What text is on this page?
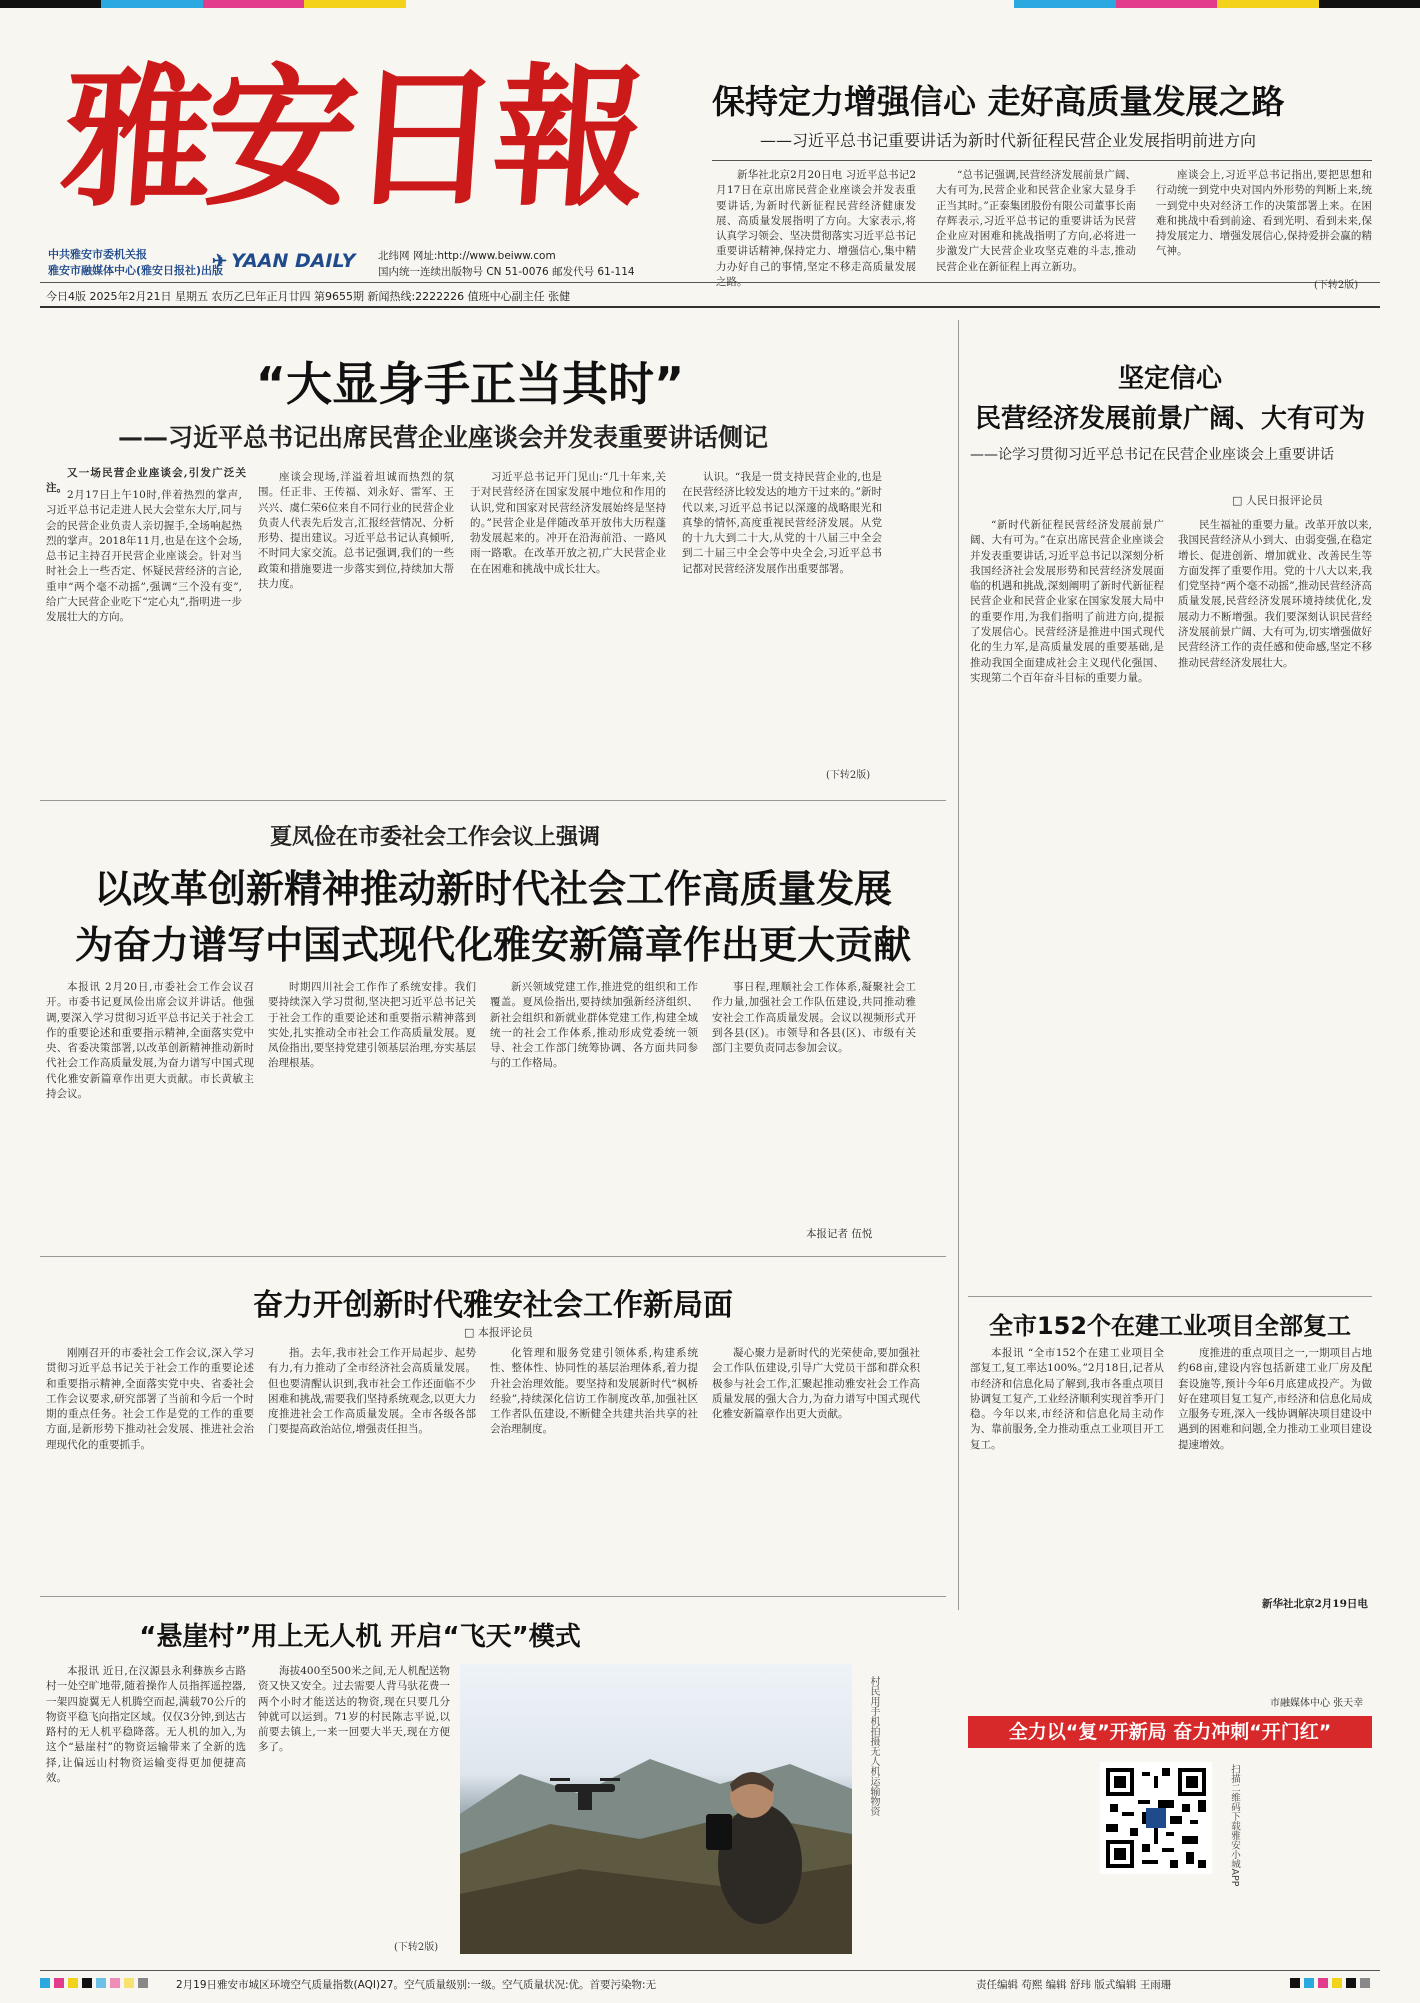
雅安日報
中共雅安市委机关报
雅安市融媒体中心(雅安日报社)出版
✈ YAAN DAILY 北纬网 网址:http://www.beiww.com
国内统一连续出版物号 CN 51-0076 邮发代号 61-114
今日4版 2025年2月21日 星期五 农历乙巳年正月廿四 第9655期 新闻热线:2222226 值班中心副主任 张健
保持定力增强信心 走好高质量发展之路
——习近平总书记重要讲话为新时代新征程民营企业发展指明前进方向

新华社北京2月20日电 习近平总书记2月17日在京出席民营企业座谈会并发表重要讲话,为新时代新征程民营经济健康发展、高质量发展指明了方向。大家表示,将认真学习领会、坚决贯彻落实习近平总书记重要讲话精神,保持定力、增强信心,集中精力办好自己的事情,坚定不移走高质量发展之路。

“总书记强调,民营经济发展前景广阔、大有可为,民营企业和民营企业家大显身手正当其时。”正泰集团股份有限公司董事长南存辉表示,习近平总书记的重要讲话为民营企业应对困难和挑战指明了方向,必将进一步激发广大民营企业攻坚克难的斗志,推动民营企业在新征程上再立新功。

座谈会上,习近平总书记指出,要把思想和行动统一到党中央对国内外形势的判断上来,统一到党中央对经济工作的决策部署上来。在困难和挑战中看到前途、看到光明、看到未来,保持发展定力、增强发展信心,保持爱拼会赢的精气神。

(下转2版)
“大显身手正当其时”
——习近平总书记出席民营企业座谈会并发表重要讲话侧记

又一场民营企业座谈会,引发广泛关注。

2月17日上午10时,伴着热烈的掌声,习近平总书记走进人民大会堂东大厅,同与会的民营企业负责人亲切握手,全场响起热烈的掌声。2018年11月,也是在这个会场,总书记主持召开民营企业座谈会。针对当时社会上一些否定、怀疑民营经济的言论,重申“两个毫不动摇”,强调“三个没有变”,给广大民营企业吃下“定心丸”,指明进一步发展壮大的方向。

座谈会现场,洋溢着坦诚而热烈的氛围。任正非、王传福、刘永好、雷军、王兴兴、虞仁荣6位来自不同行业的民营企业负责人代表先后发言,汇报经营情况、分析形势、提出建议。习近平总书记认真倾听,不时同大家交流。总书记强调,我们的一些政策和措施要进一步落实到位,持续加大帮扶力度。

习近平总书记开门见山:“几十年来,关于对民营经济在国家发展中地位和作用的认识,党和国家对民营经济发展始终是坚持的。”民营企业是伴随改革开放伟大历程蓬勃发展起来的。冲开在沿海前沿、一路风雨一路歌。在改革开放之初,广大民营企业在在困难和挑战中成长壮大。

认识。“我是一贯支持民营企业的,也是在民营经济比较发达的地方干过来的。”新时代以来,习近平总书记以深邃的战略眼光和真挚的情怀,高度重视民营经济发展。从党的十九大到二十大,从党的十八届三中全会到二十届三中全会等中央全会,习近平总书记都对民营经济发展作出重要部署。

(下转2版)
坚定信心
民营经济发展前景广阔、大有可为
——论学习贯彻习近平总书记在民营企业座谈会上重要讲话
□ 人民日报评论员

“新时代新征程民营经济发展前景广阔、大有可为。”在京出席民营企业座谈会并发表重要讲话,习近平总书记以深刻分析我国经济社会发展形势和民营经济发展面临的机遇和挑战,深刻阐明了新时代新征程民营企业和民营企业家在国家发展大局中的重要作用,为我们指明了前进方向,提振了发展信心。民营经济是推进中国式现代化的生力军,是高质量发展的重要基础,是推动我国全面建成社会主义现代化强国、实现第二个百年奋斗目标的重要力量。

民生福祉的重要力量。改革开放以来,我国民营经济从小到大、由弱变强,在稳定增长、促进创新、增加就业、改善民生等方面发挥了重要作用。党的十八大以来,我们党坚持“两个毫不动摇”,推动民营经济高质量发展,民营经济发展环境持续优化,发展动力不断增强。我们要深刻认识民营经济发展前景广阔、大有可为,切实增强做好民营经济工作的责任感和使命感,坚定不移推动民营经济发展壮大。

新华社北京2月19日电
夏凤俭在市委社会工作会议上强调
以改革创新精神推动新时代社会工作高质量发展
为奋力谱写中国式现代化雅安新篇章作出更大贡献

本报讯 2月20日,市委社会工作会议召开。市委书记夏凤俭出席会议并讲话。他强调,要深入学习贯彻习近平总书记关于社会工作的重要论述和重要指示精神,全面落实党中央、省委决策部署,以改革创新精神推动新时代社会工作高质量发展,为奋力谱写中国式现代化雅安新篇章作出更大贡献。市长黄敏主持会议。

时期四川社会工作作了系统安排。我们要持续深入学习贯彻,坚决把习近平总书记关于社会工作的重要论述和重要指示精神落到实处,扎实推动全市社会工作高质量发展。夏凤俭指出,要坚持党建引领基层治理,夯实基层治理根基。

新兴领域党建工作,推进党的组织和工作覆盖。夏凤俭指出,要持续加强新经济组织、新社会组织和新就业群体党建工作,构建全域统一的社会工作体系,推动形成党委统一领导、社会工作部门统筹协调、各方面共同参与的工作格局。

事日程,理顺社会工作体系,凝聚社会工作力量,加强社会工作队伍建设,共同推动雅安社会工作高质量发展。会议以视频形式开到各县(区)。市领导和各县(区)、市级有关部门主要负责同志参加会议。

本报记者 伍悦
奋力开创新时代雅安社会工作新局面
□ 本报评论员

刚刚召开的市委社会工作会议,深入学习贯彻习近平总书记关于社会工作的重要论述和重要指示精神,全面落实党中央、省委社会工作会议要求,研究部署了当前和今后一个时期的重点任务。社会工作是党的工作的重要方面,是新形势下推动社会发展、推进社会治理现代化的重要抓手。

指。去年,我市社会工作开局起步、起势有力,有力推动了全市经济社会高质量发展。但也要清醒认识到,我市社会工作还面临不少困难和挑战,需要我们坚持系统观念,以更大力度推进社会工作高质量发展。全市各级各部门要提高政治站位,增强责任担当。

化管理和服务党建引领体系,构建系统性、整体性、协同性的基层治理体系,着力提升社会治理效能。要坚持和发展新时代“枫桥经验”,持续深化信访工作制度改革,加强社区工作者队伍建设,不断健全共建共治共享的社会治理制度。

凝心聚力是新时代的光荣使命,要加强社会工作队伍建设,引导广大党员干部和群众积极参与社会工作,汇聚起推动雅安社会工作高质量发展的强大合力,为奋力谱写中国式现代化雅安新篇章作出更大贡献。

全市152个在建工业项目全部复工

本报讯 “全市152个在建工业项目全部复工,复工率达100%。”2月18日,记者从市经济和信息化局了解到,我市各重点项目协调复工复产,工业经济顺利实现首季开门稳。今年以来,市经济和信息化局主动作为、靠前服务,全力推动重点工业项目开工复工。

度推进的重点项目之一,一期项目占地约68亩,建设内容包括新建工业厂房及配套设施等,预计今年6月底建成投产。为做好在建项目复工复产,市经济和信息化局成立服务专班,深入一线协调解决项目建设中遇到的困难和问题,全力推动工业项目建设提速增效。

市融媒体中心 张天幸
全力以“复”开新局 奋力冲刺“开门红”
“悬崖村”用上无人机 开启“飞天”模式

本报讯 近日,在汉源县永利彝族乡古路村一处空旷地带,随着操作人员指挥遥控器,一架四旋翼无人机腾空而起,满载70公斤的物资平稳飞向指定区域。仅仅3分钟,到达古路村的无人机平稳降落。无人机的加入,为这个“悬崖村”的物资运输带来了全新的选择,让偏远山村物资运输变得更加便捷高效。

海拔400至500米之间,无人机配送物资又快又安全。过去需要人背马驮花费一两个小时才能送达的物资,现在只要几分钟就可以运到。71岁的村民陈志平说,以前要去镇上,一来一回要大半天,现在方便多了。

(下转2版)
村民用手机拍摄无人机运输物资
扫描二维码下载雅安小城APP
2月19日雅安市城区环境空气质量指数(AQI)27。空气质量级别:一级。空气质量状况:优。首要污染物:无	责任编辑 苟熙 编辑 舒玮 版式编辑 王雨珊
